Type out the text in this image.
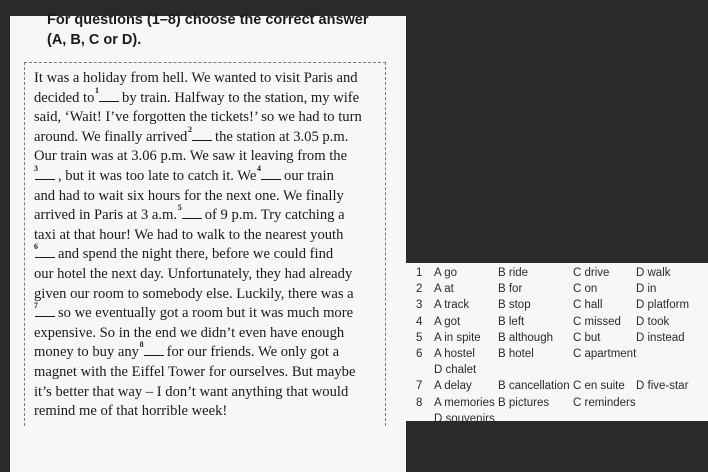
For questions (1–8) choose the correct answer
(A, B, C or D).
It was a holiday from hell. We wanted to visit Paris and
decided to 1 by train. Halfway to the station, my wife
said, ‘Wait! I’ve forgotten the tickets!’ so we had to turn
around. We finally arrived 2 the station at 3.05 p.m.
Our train was at 3.06 p.m. We saw it leaving from the
3 , but it was too late to catch it. We 4 our train
and had to wait six hours for the next one. We finally
arrived in Paris at 3 a.m. 5 of 9 p.m. Try catching a
taxi at that hour! We had to walk to the nearest youth
6 and spend the night there, before we could find
our hotel the next day. Unfortunately, they had already
given our room to somebody else. Luckily, there was a
7 so we eventually got a room but it was much more
expensive. So in the end we didn’t even have enough
money to buy any 8 for our friends. We only got a
magnet with the Eiffel Tower for ourselves. But maybe
it’s better that way – I don’t want anything that would
remind me of that horrible week!
1 A go	B ride	C drive D walk
2 A at	B for	C on	D in
3 A track	B stop	C hall	D platform
4 A got	B left	C missed D took
5 A in spite B although C but	D instead
6 A hostel B hotel	C apartment
D chalet
7 A delay B cancellation C en suite D five-star
8 A memories B pictures C reminders
D souvenirs
